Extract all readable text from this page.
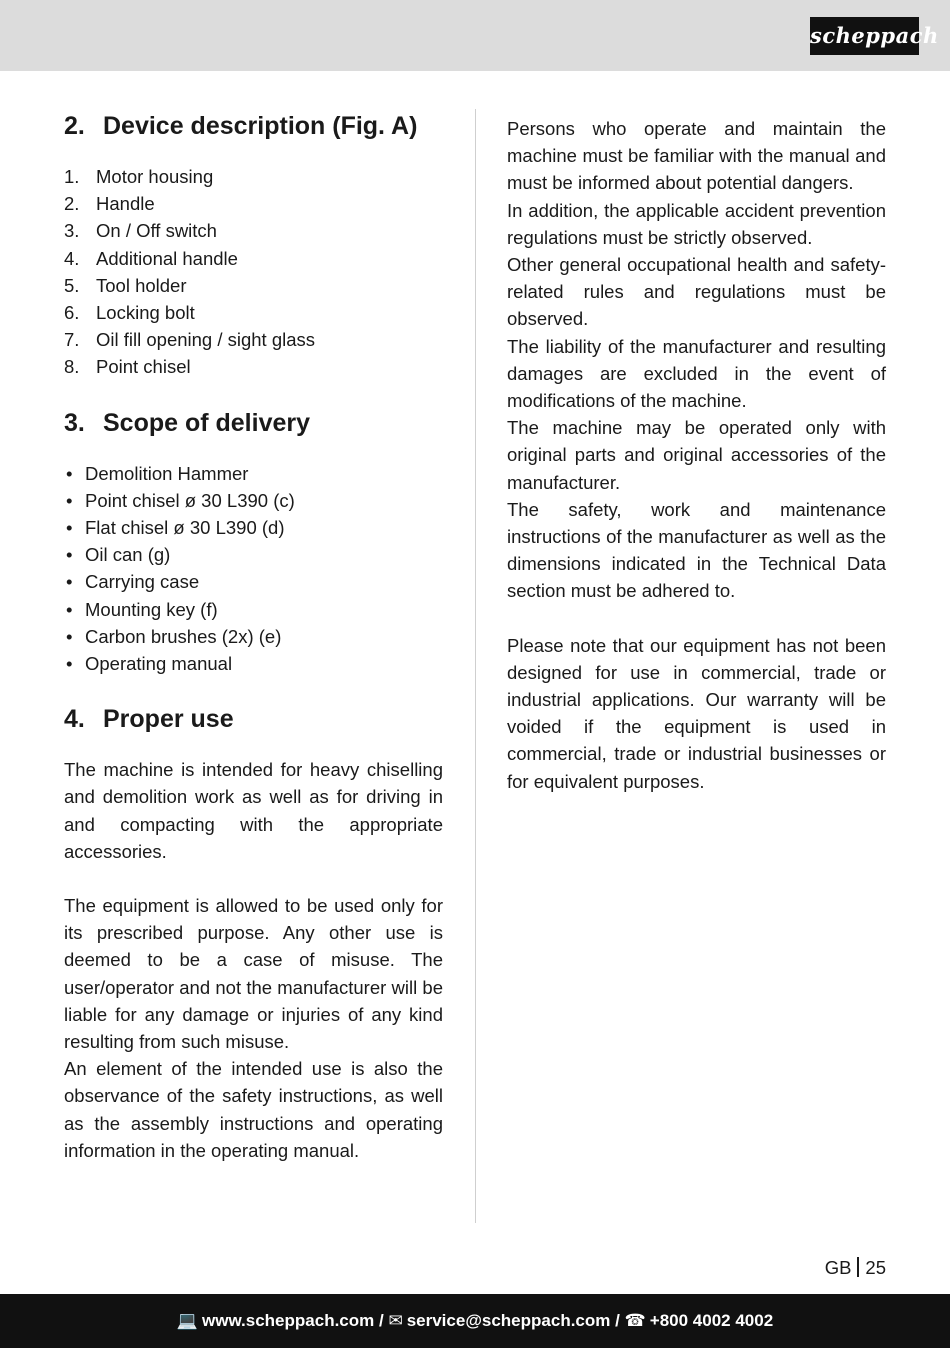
scheppach
2. Device description (Fig. A)
1. Motor housing
2. Handle
3. On / Off switch
4. Additional handle
5. Tool holder
6. Locking bolt
7. Oil fill opening / sight glass
8. Point chisel
3. Scope of delivery
• Demolition Hammer
• Point chisel ø 30 L390 (c)
• Flat chisel ø 30 L390 (d)
• Oil can (g)
• Carrying case
• Mounting key (f)
• Carbon brushes (2x) (e)
• Operating manual
4. Proper use

The machine is intended for heavy chiselling and demolition work as well as for driving in and compacting with the appropriate accessories.

The equipment is allowed to be used only for its prescribed purpose. Any other use is deemed to be a case of misuse. The user/operator and not the manufacturer will be liable for any damage or injuries of any kind resulting from such misuse.

An element of the intended use is also the observance of the safety instructions, as well as the assembly instructions and operating information in the operating manual.

Persons who operate and maintain the machine must be familiar with the manual and must be informed about potential dangers.

In addition, the applicable accident prevention regulations must be strictly observed.

Other general occupational health and safety-related rules and regulations must be observed.

The liability of the manufacturer and resulting damages are excluded in the event of modifications of the machine.

The machine may be operated only with original parts and original accessories of the manufacturer.

The safety, work and maintenance instructions of the manufacturer as well as the dimensions indicated in the Technical Data section must be adhered to.

Please note that our equipment has not been designed for use in commercial, trade or industrial applications. Our warranty will be voided if the equipment is used in commercial, trade or industrial businesses or for equivalent purposes.

GB 25
💻 www.scheppach.com / ✉ service@scheppach.com / ☎ +800 4002 4002
